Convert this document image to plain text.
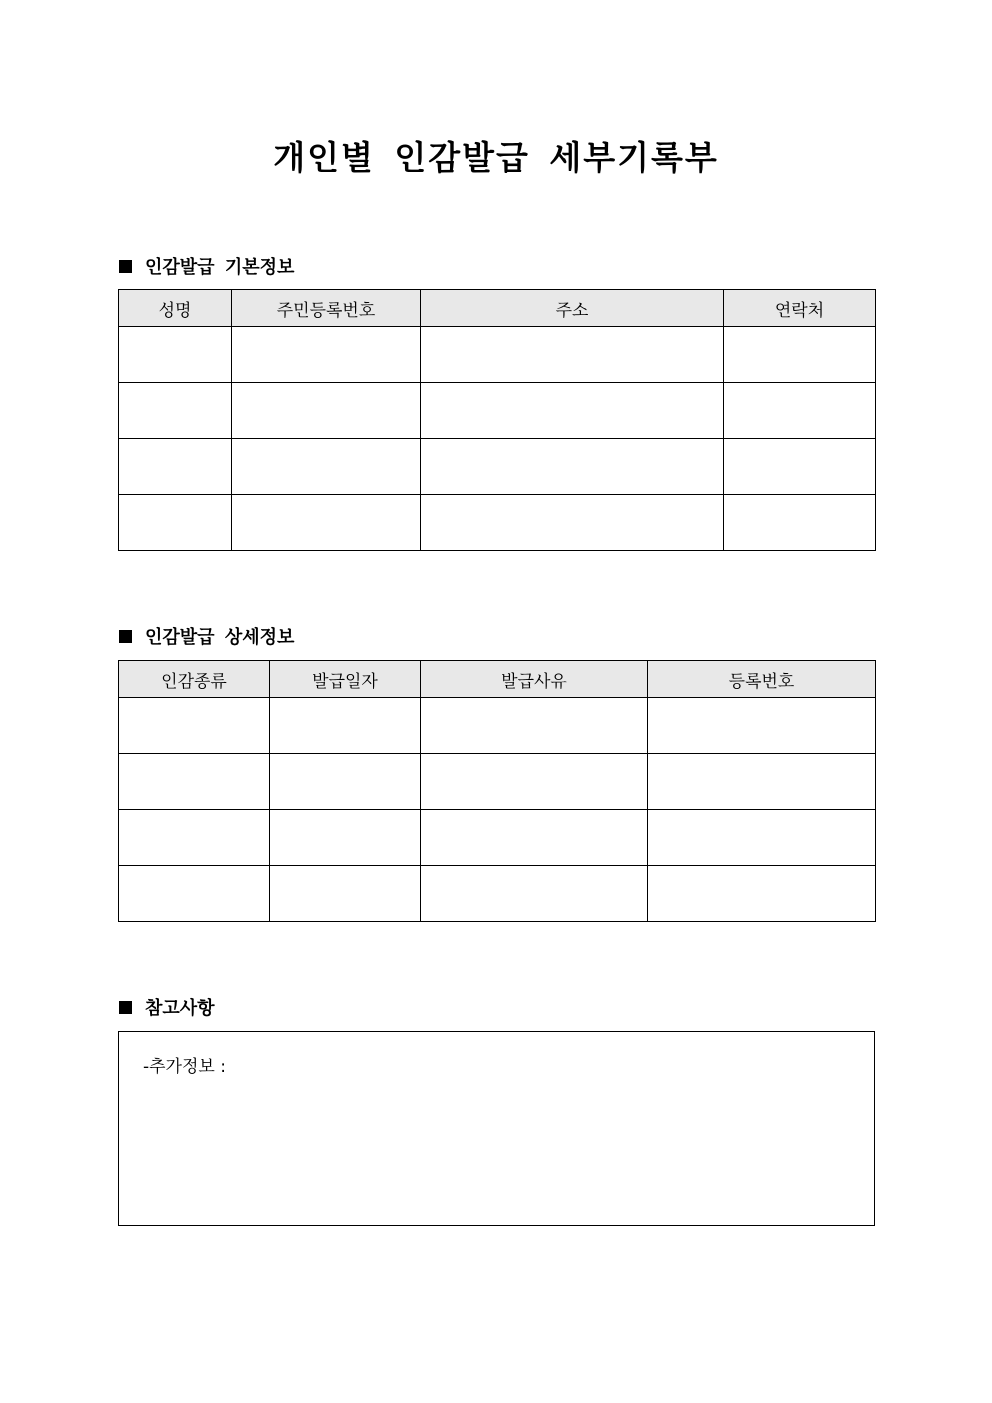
개인별 인감발급 세부기록부
인감발급 기본정보
성명	주민등록번호	주소	연락처

인감발급 상세정보
인감종류	발급일자	발급사유	등록번호

참고사항
-추가정보 :
